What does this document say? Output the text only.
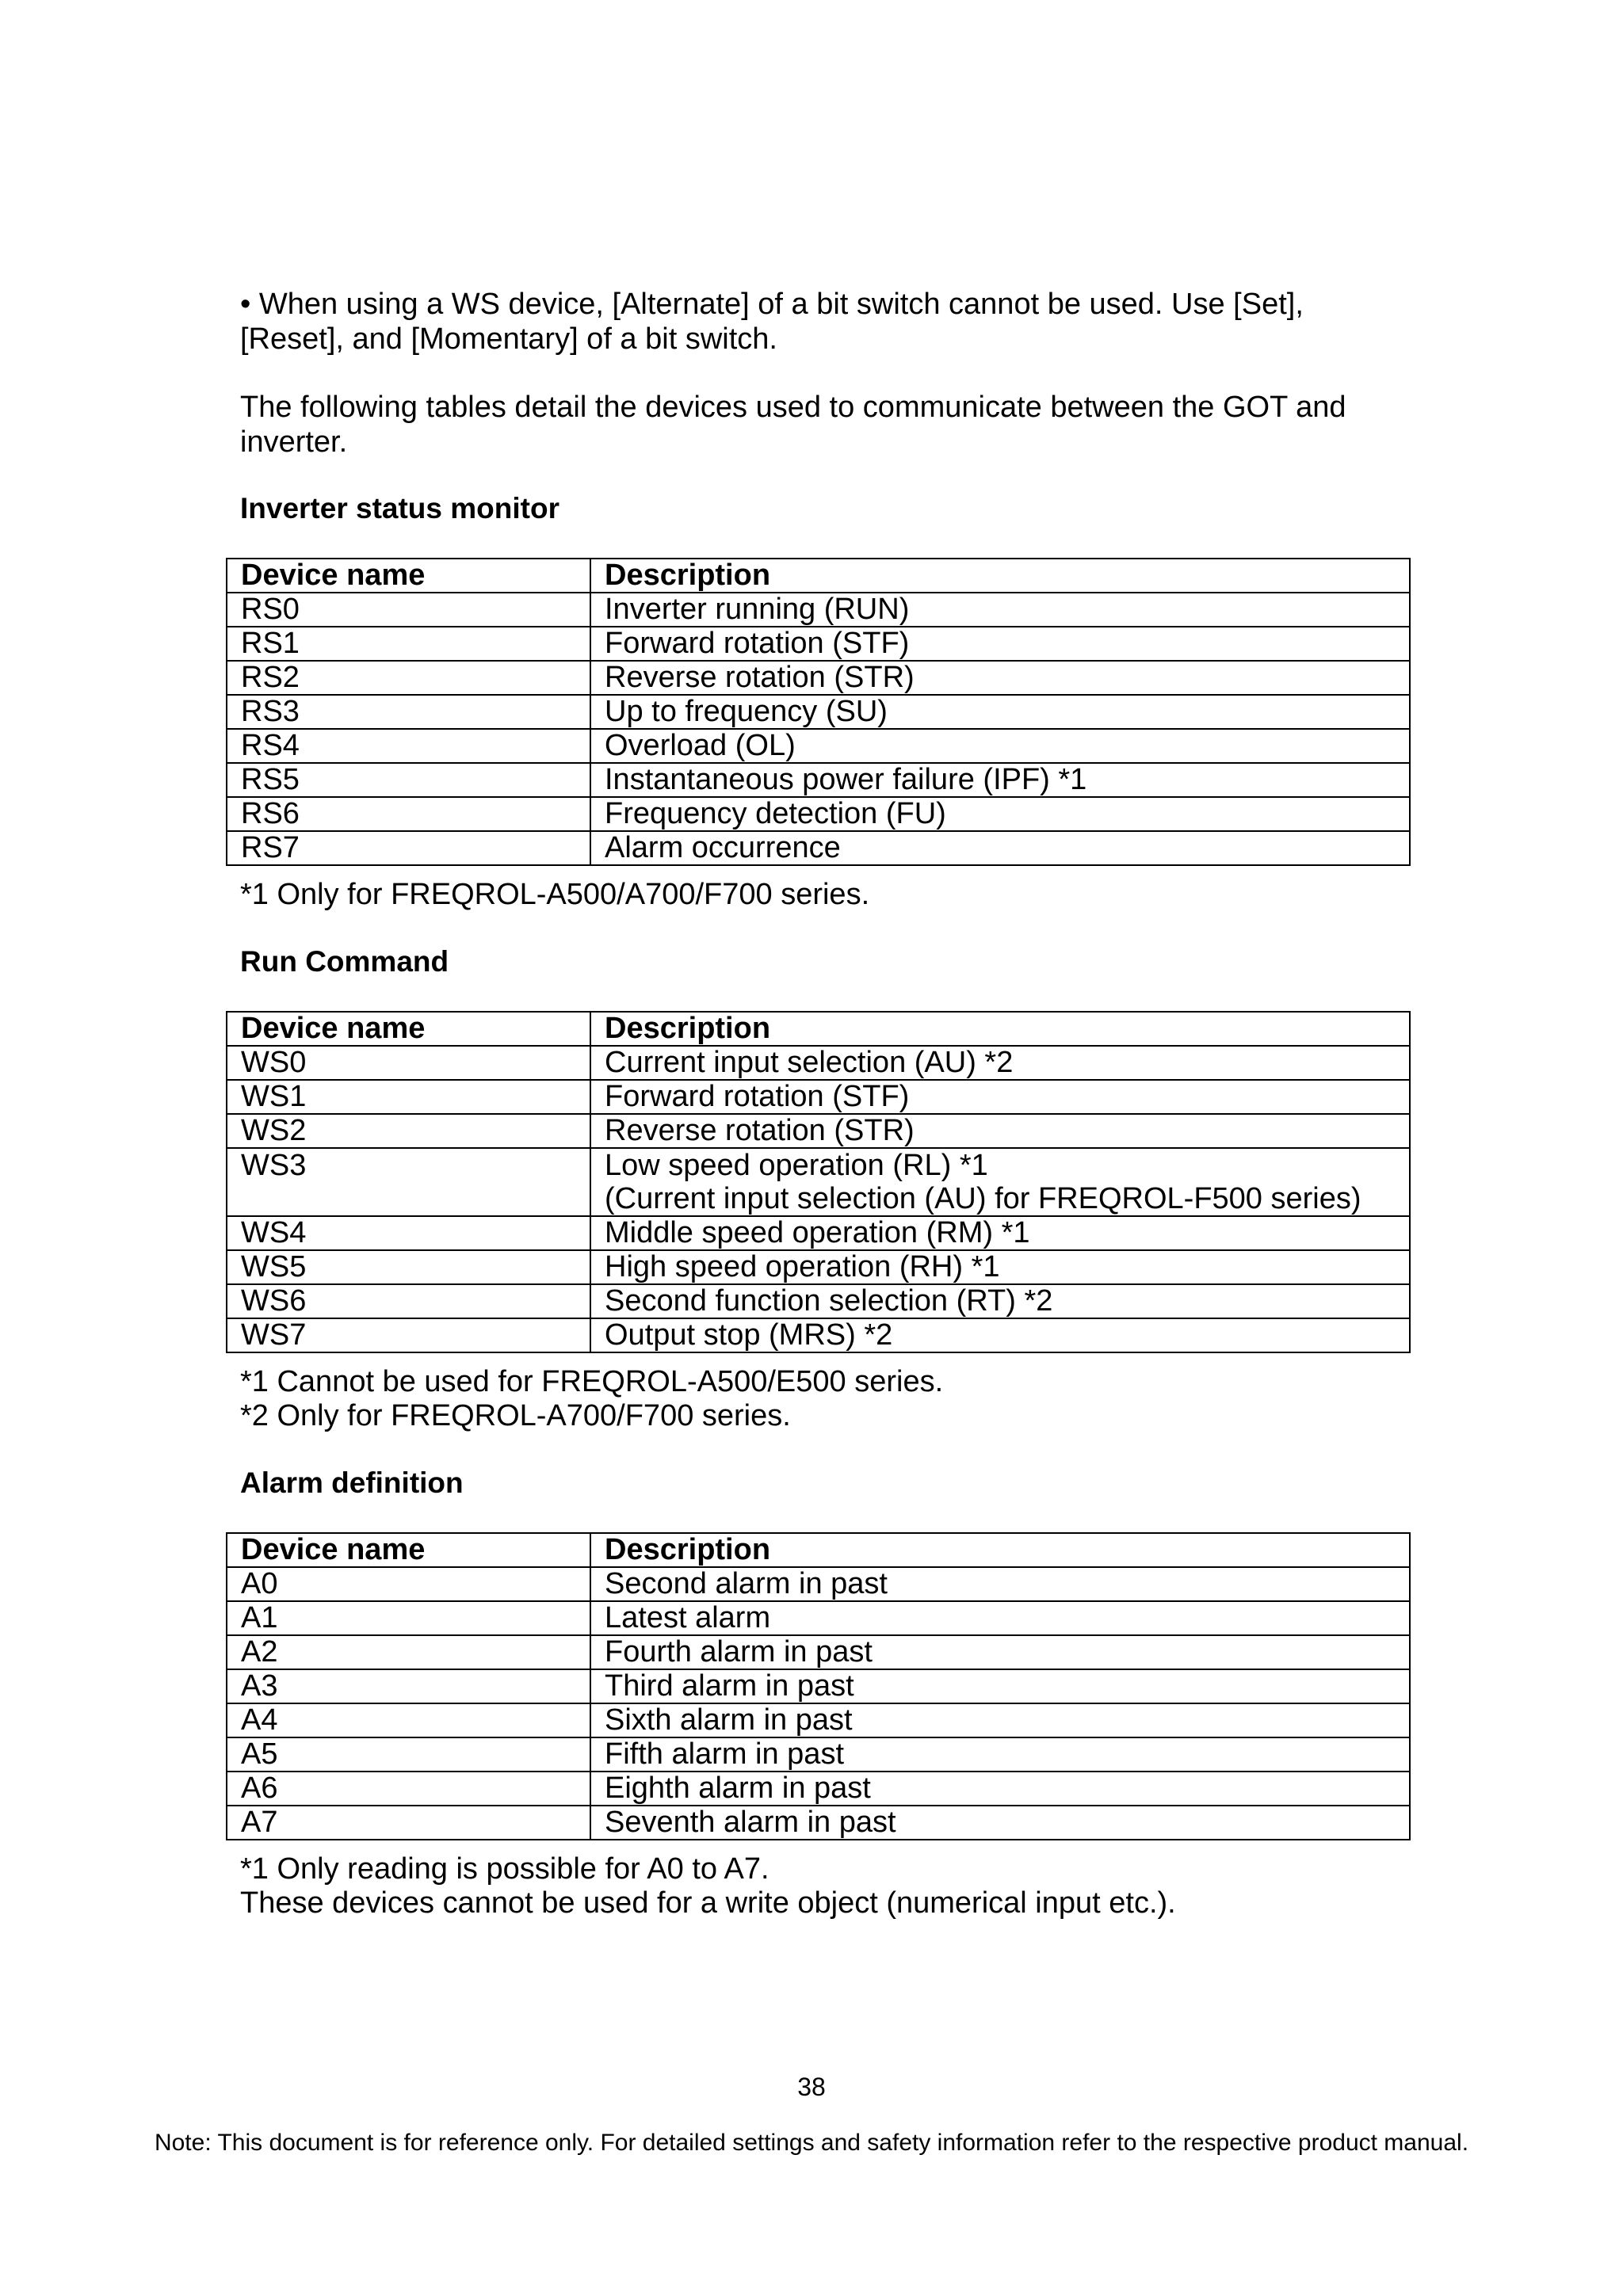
• When using a WS device, [Alternate] of a bit switch cannot be used. Use [Set], [Reset], and [Momentary] of a bit switch.

The following tables detail the devices used to communicate between the GOT and inverter.

Inverter status monitor
Device name	Description
RS0	Inverter running (RUN)
RS1	Forward rotation (STF)
RS2	Reverse rotation (STR)
RS3	Up to frequency (SU)
RS4	Overload (OL)
RS5	Instantaneous power failure (IPF) *1
RS6	Frequency detection (FU)
RS7	Alarm occurrence
*1 Only for FREQROL-A500/A700/F700 series.
Run Command
Device name	Description
WS0	Current input selection (AU) *2
WS1	Forward rotation (STF)
WS2	Reverse rotation (STR)
WS3	Low speed operation (RL) *1
(Current input selection (AU) for FREQROL-F500 series)

WS4	Middle speed operation (RM) *1
WS5	High speed operation (RH) *1
WS6	Second function selection (RT) *2
WS7	Output stop (MRS) *2
*1 Cannot be used for FREQROL-A500/E500 series.
*2 Only for FREQROL-A700/F700 series.
Alarm definition
Device name	Description
A0	Second alarm in past
A1	Latest alarm
A2	Fourth alarm in past
A3	Third alarm in past
A4	Sixth alarm in past
A5	Fifth alarm in past
A6	Eighth alarm in past
A7	Seventh alarm in past
*1 Only reading is possible for A0 to A7.
These devices cannot be used for a write object (numerical input etc.).
38
Note: This document is for reference only. For detailed settings and safety information refer to the respective product manual.
